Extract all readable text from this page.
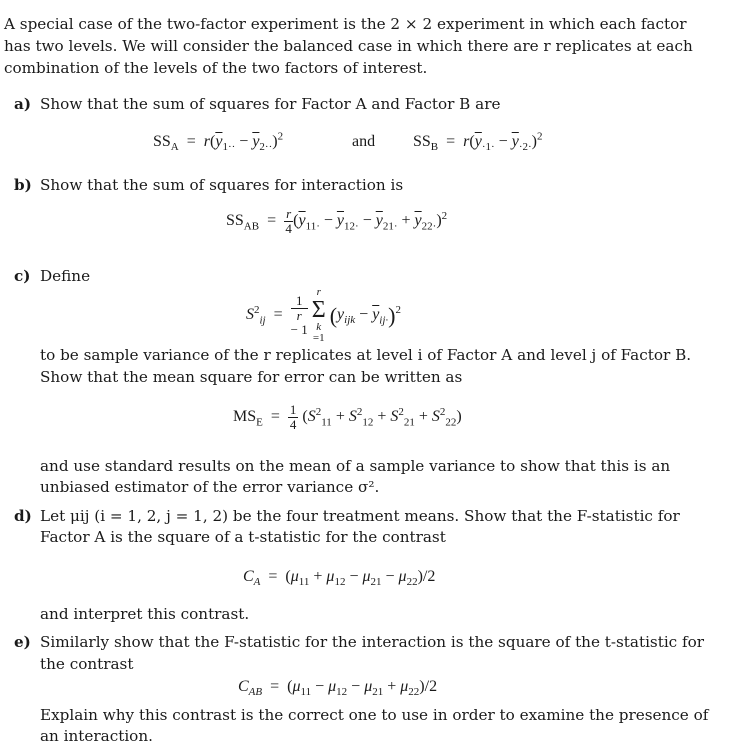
A special case of the two-factor experiment is the 2 × 2 experiment in which each factor
has two levels. We will consider the balanced case in which there are r replicates at each
combination of the levels of the two factors of interest.
a) Show that the sum of squares for Factor A and Factor B are
$SS_A = r(\overline{y}_{1\cdot\cdot} - \overline{y}_{2\cdot\cdot})^2$	and $SS_B = r(\overline{y}_{\cdot 1\cdot} - \overline{y}_{\cdot 2\cdot})^2$
b) Show that the sum of squares for interaction is
$SS_{AB} = \frac{r}{4} (\overline{y}_{11\cdot} - \overline{y}_{12\cdot} - \overline{y}_{21\cdot} + \overline{y}_{22\cdot})^2$
c) Define
$S^2_{ij} = 1$
r
− 1

r
Σ
k
=1
$(y_{ijk} - \overline{y}_{ij\cdot})^2$
to be sample variance of the r replicates at level i of Factor A and level j of Factor B.
Show that the mean square for error can be written as
$MS_E = \frac{1}{4} (S^2_{11} + S^2_{12} + S^2_{21} + S^2_{22})$
and use standard results on the mean of a sample variance to show that this is an
unbiased estimator of the error variance σ².
d) Let μij (i = 1, 2, j = 1, 2) be the four treatment means. Show that the F-statistic for
Factor A is the square of a t-statistic for the contrast
$C_A = (\mu_{11} + \mu_{12} - \mu_{21} - \mu_{22})/2$
and interpret this contrast.
e) Similarly show that the F-statistic for the interaction is the square of the t-statistic for
the contrast
$C_{AB} = (\mu_{11} - \mu_{12} - \mu_{21} + \mu_{22})/2$
Explain why this contrast is the correct one to use in order to examine the presence of
an interaction.
